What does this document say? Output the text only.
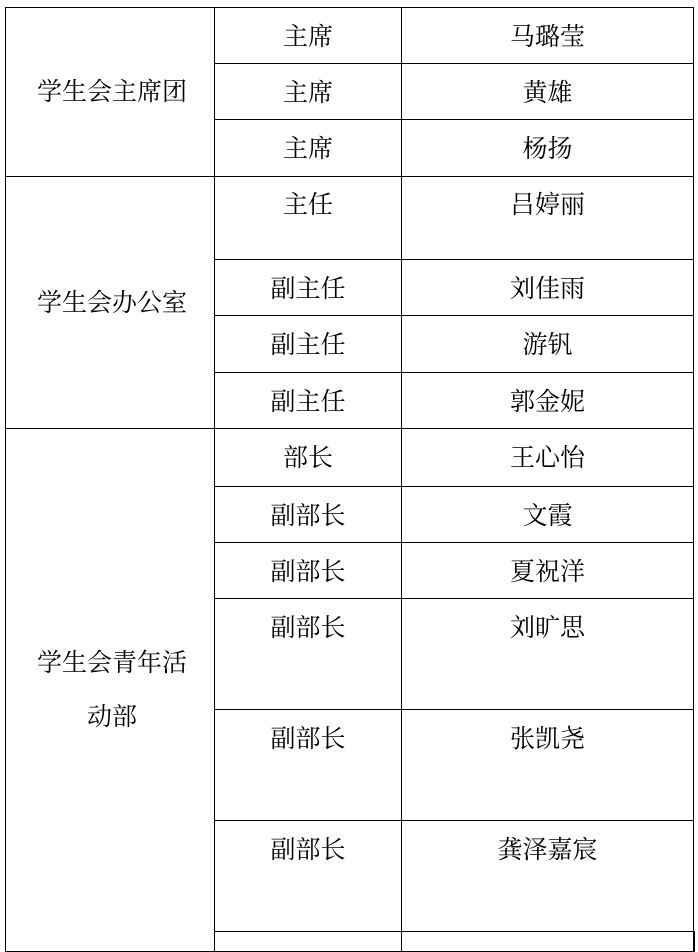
学生会主席团	主席	马璐莹	

	主席	黄雄	

	主席	杨扬	

学生会办公室	主任	吕婷丽	

	副主任	刘佳雨	

	副主任	游钒	

	副主任	郭金妮	

学生会青年活
动部	部长	王心怡	

	副部长	文霞	

	副部长	夏祝洋	

	副部长	刘旷思	

	副部长	张凯尧	

	副部长	龚泽嘉宸	
